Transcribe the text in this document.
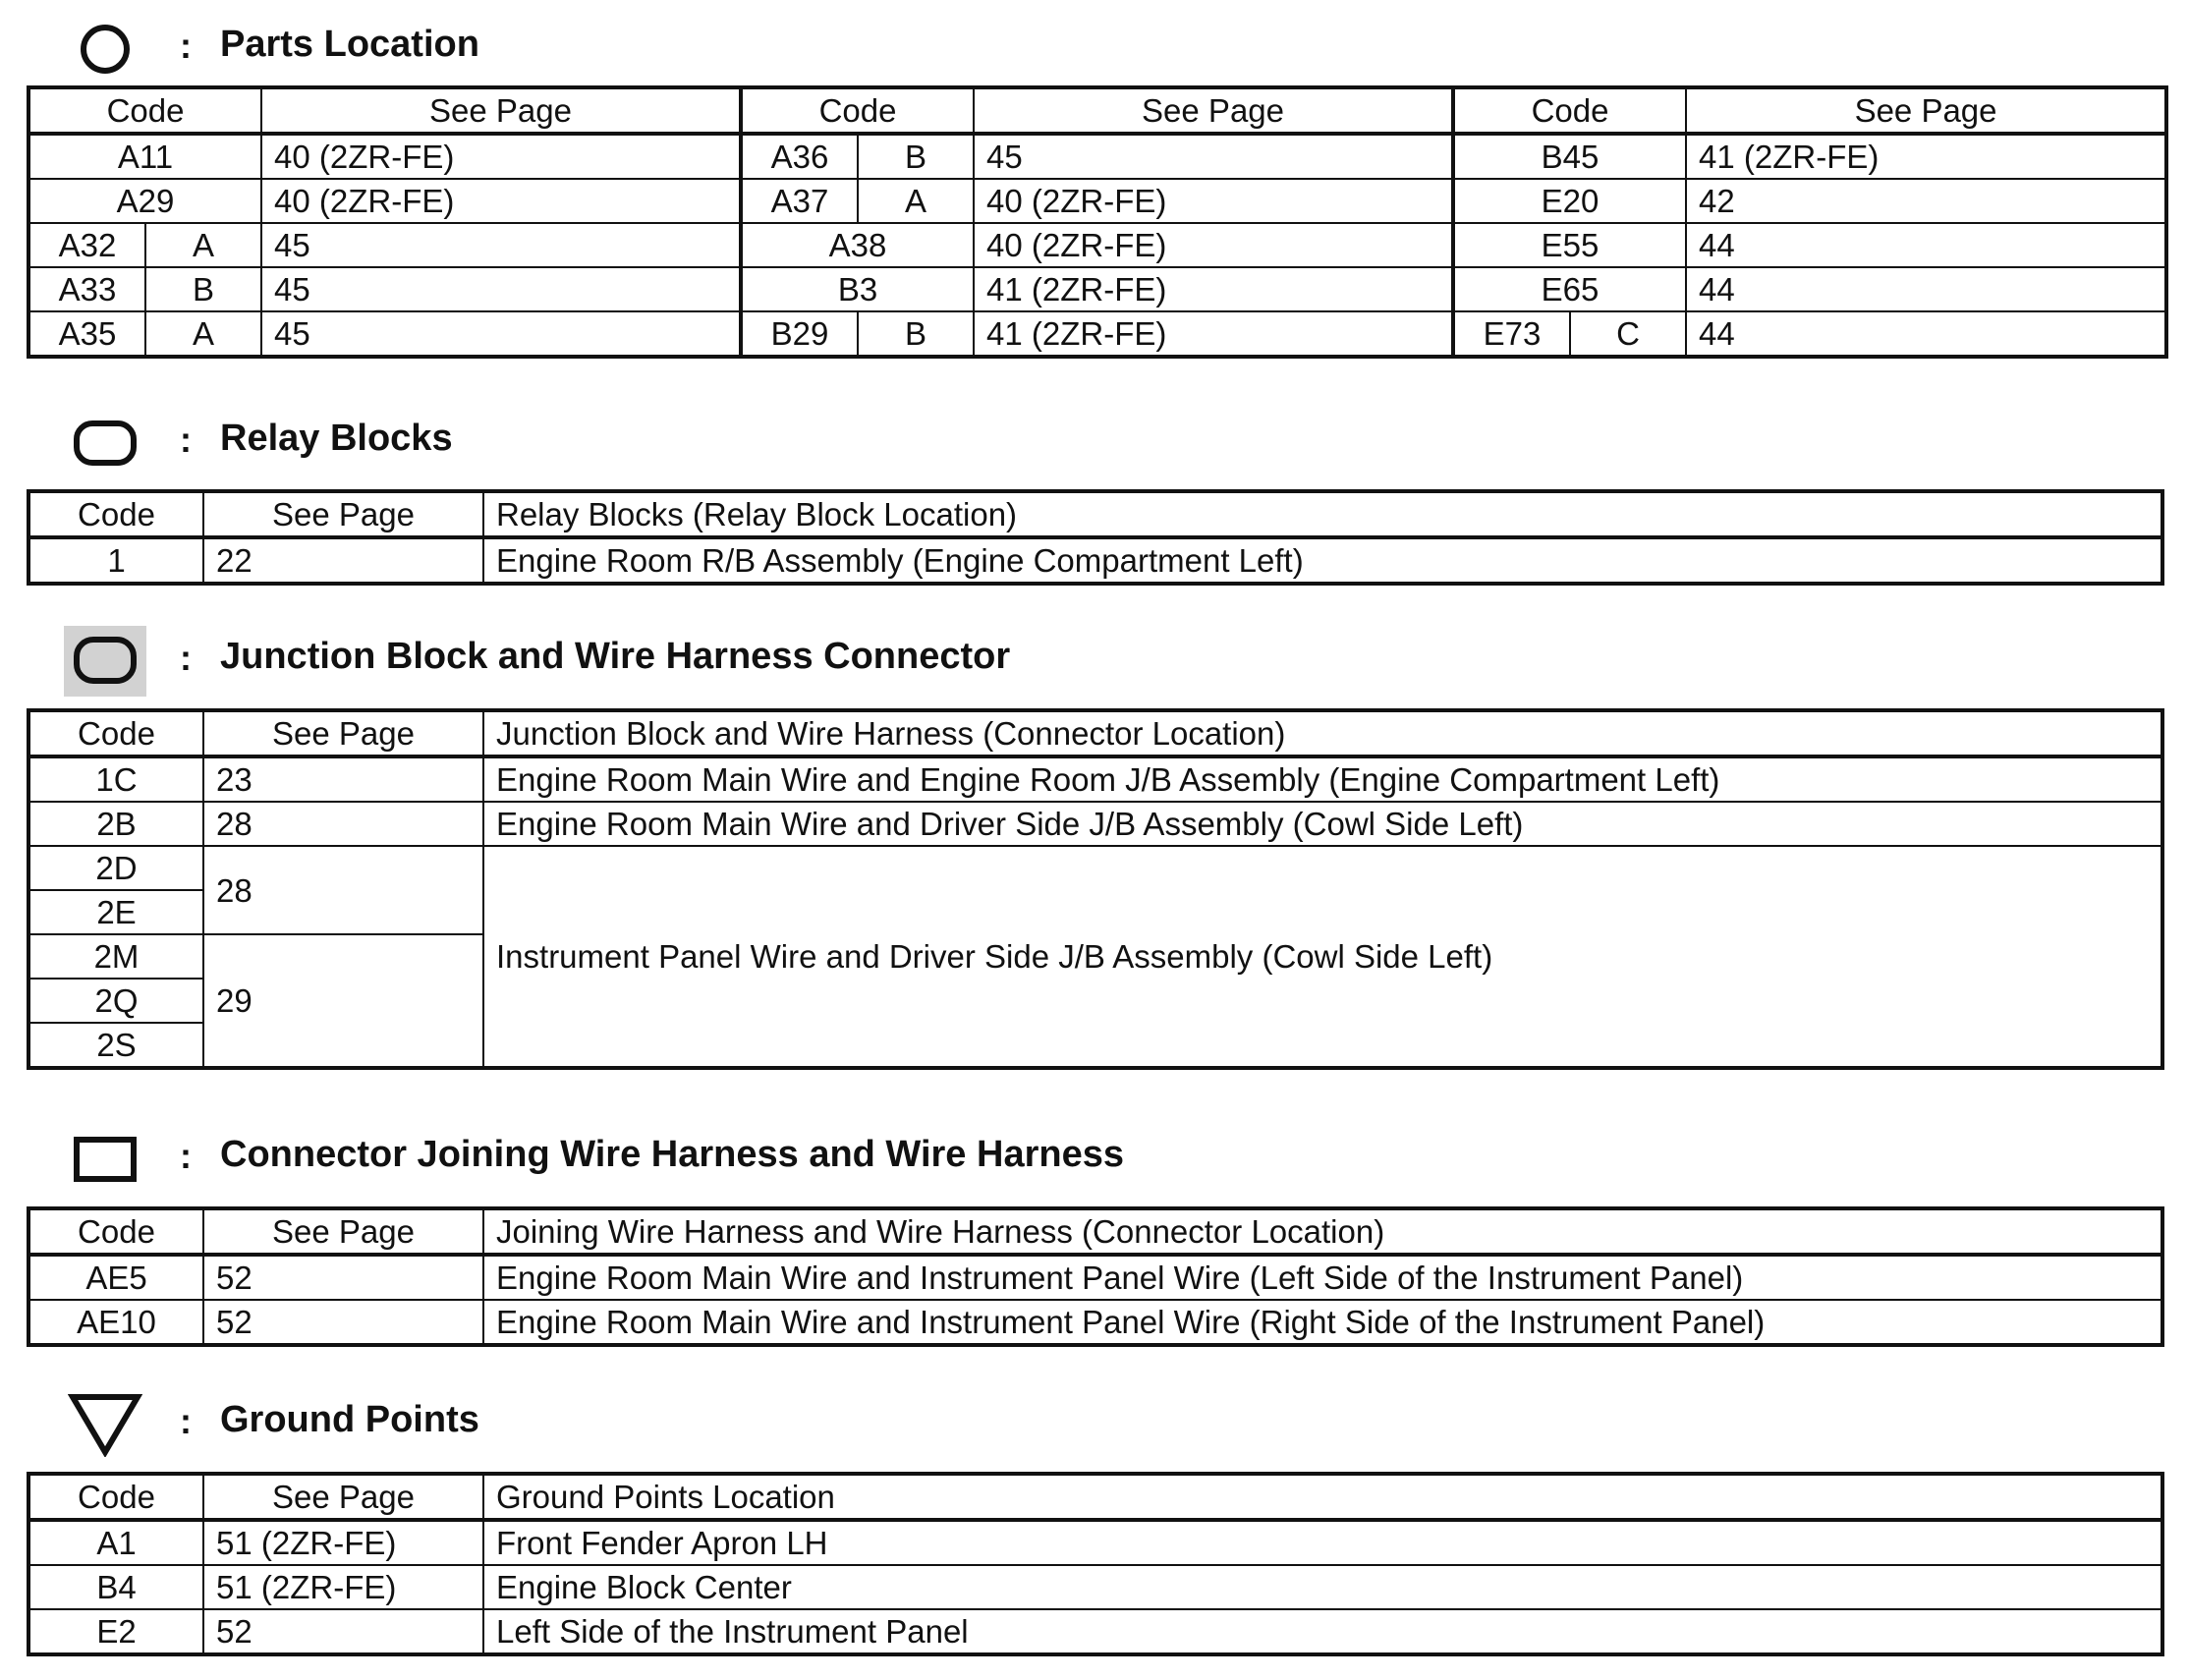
: Parts Location
Code		See Page	Code		See Page	Code		See Page
A11		40 (2ZR-FE)	A36	B	45	B45		41 (2ZR-FE)
A29		40 (2ZR-FE)	A37	A	40 (2ZR-FE)	E20		42
A32	A	45	A38		40 (2ZR-FE)	E55		44
A33	B	45	B3		41 (2ZR-FE)	E65		44
A35	A	45	B29	B	41 (2ZR-FE)	E73	C	44
: Relay Blocks
Code	See Page	Relay Blocks (Relay Block Location)
1	22	Engine Room R/B Assembly (Engine Compartment Left)
: Junction Block and Wire Harness Connector
Code	See Page	Junction Block and Wire Harness (Connector Location)
1C	23	Engine Room Main Wire and Engine Room J/B Assembly (Engine Compartment Left)
2B	28	Engine Room Main Wire and Driver Side J/B Assembly (Cowl Side Left)
2D	28	Instrument Panel Wire and Driver Side J/B Assembly (Cowl Side Left)
2E		
2M	29	
2Q		
2S		
: Connector Joining Wire Harness and Wire Harness
Code	See Page	Joining Wire Harness and Wire Harness (Connector Location)
AE5	52	Engine Room Main Wire and Instrument Panel Wire (Left Side of the Instrument Panel)
AE10	52	Engine Room Main Wire and Instrument Panel Wire (Right Side of the Instrument Panel)
: Ground Points
Code	See Page	Ground Points Location
A1	51 (2ZR-FE)	Front Fender Apron LH
B4	51 (2ZR-FE)	Engine Block Center
E2	52	Left Side of the Instrument Panel
